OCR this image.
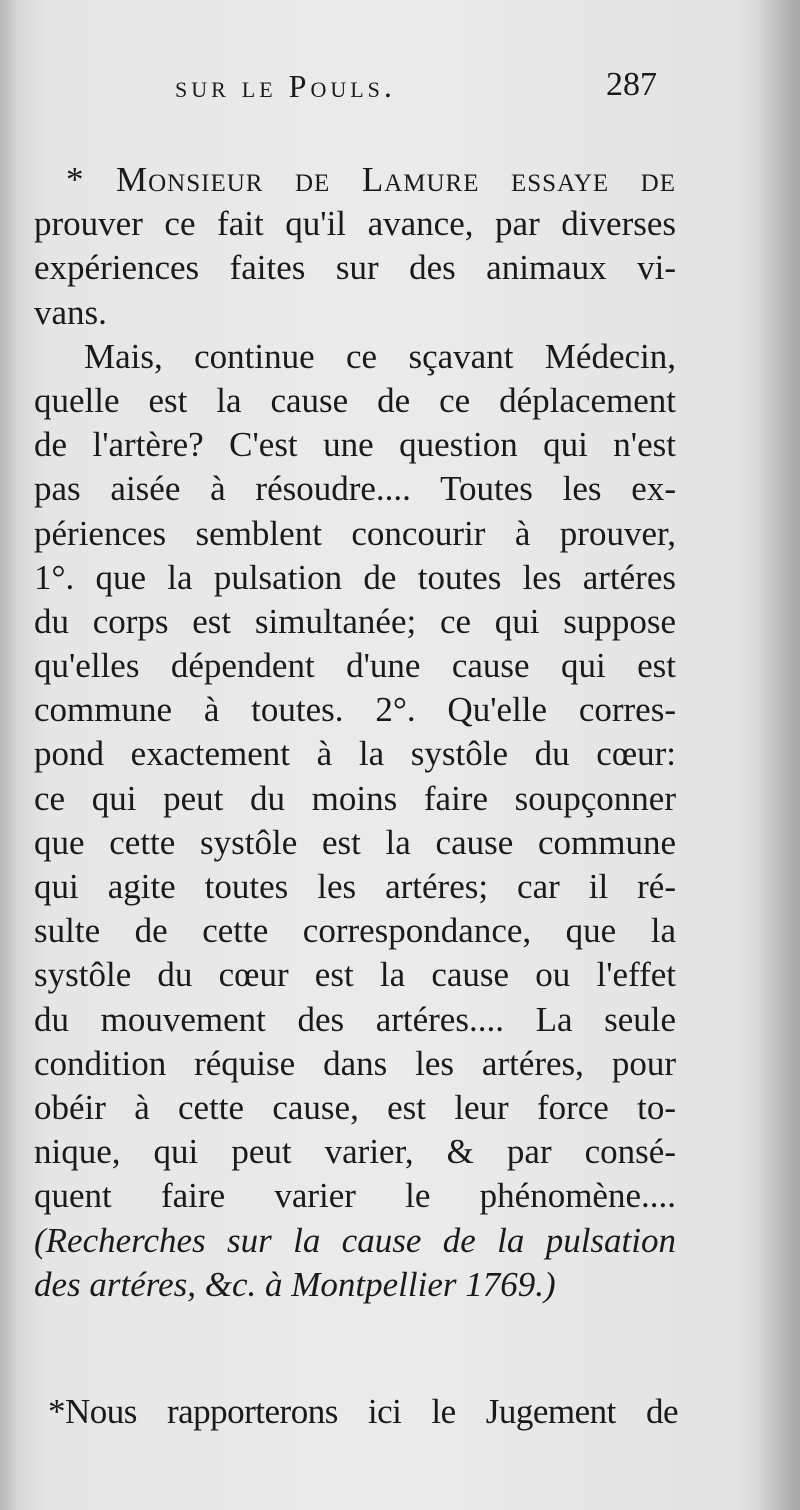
sur le Pouls.	287
* Monsieur de Lamure essaye de
prouver ce fait qu'il avance, par diverses
expériences faites sur des animaux vi-
vans.
Mais, continue ce sçavant Médecin,
quelle est la cause de ce déplacement
de l'artère? C'est une question qui n'est
pas aisée à résoudre.... Toutes les ex-
périences semblent concourir à prouver,
1°. que la pulsation de toutes les artéres
du corps est simultanée; ce qui suppose
qu'elles dépendent d'une cause qui est
commune à toutes. 2°. Qu'elle corres-
pond exactement à la systôle du cœur:
ce qui peut du moins faire soupçonner
que cette systôle est la cause commune
qui agite toutes les artéres; car il ré-
sulte de cette correspondance, que la
systôle du cœur est la cause ou l'effet
du mouvement des artéres.... La seule
condition réquise dans les artéres, pour
obéir à cette cause, est leur force to-
nique, qui peut varier, & par consé-
quent faire varier le phénomène....
(Recherches sur la cause de la pulsation
des artéres, &c. à Montpellier 1769.)
*Nous rapporterons ici le Jugement de
